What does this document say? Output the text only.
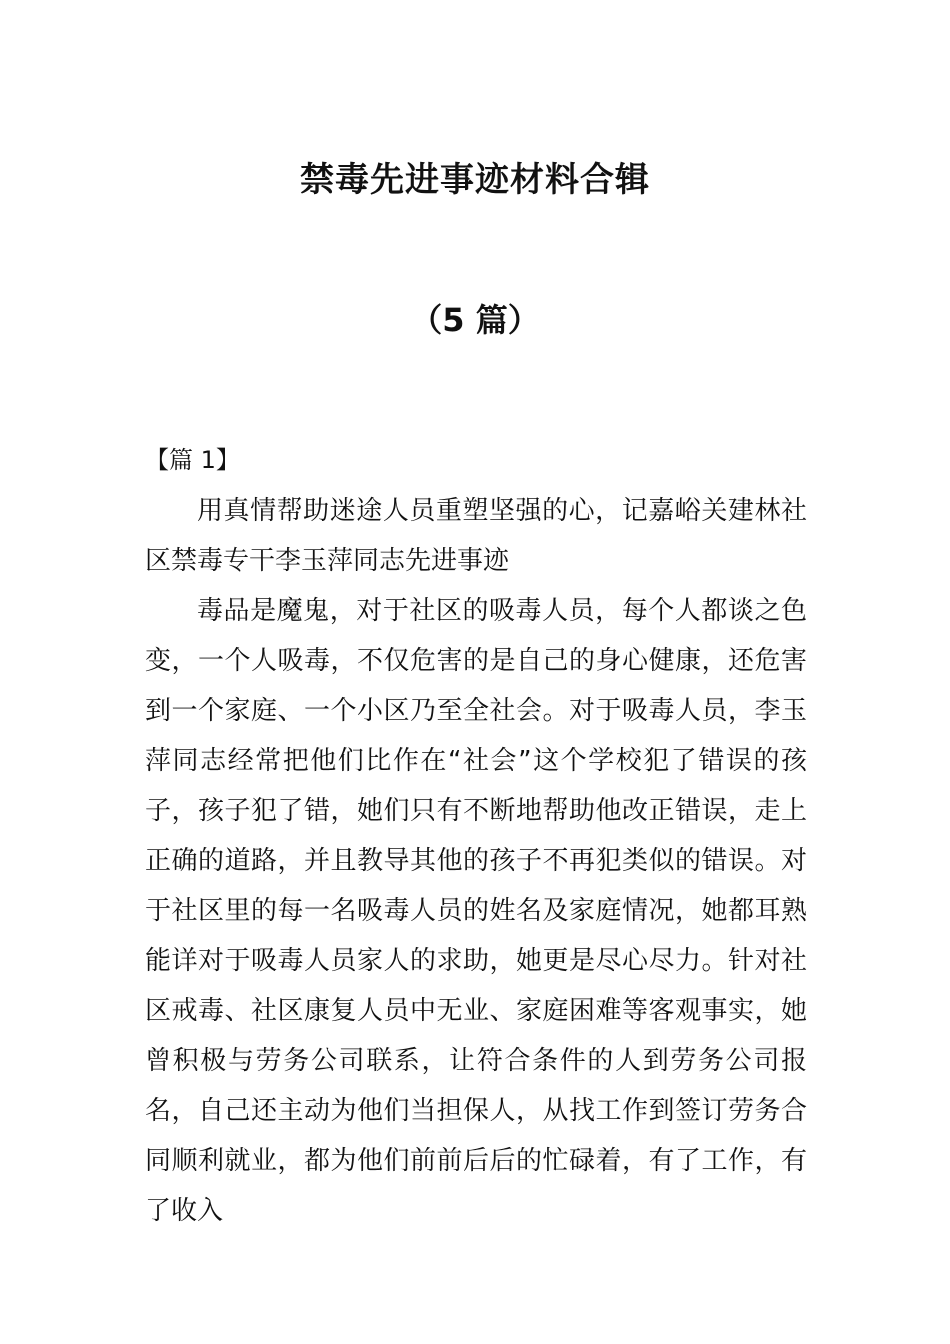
禁毒先进事迹材料合辑
（5 篇）
【篇 1】

用真情帮助迷途人员重塑坚强的心，记嘉峪关建林社区禁毒专干李玉萍同志先进事迹

毒品是魔鬼，对于社区的吸毒人员，每个人都谈之色变，一个人吸毒，不仅危害的是自己的身心健康，还危害到一个家庭、一个小区乃至全社会。对于吸毒人员，李玉萍同志经常把他们比作在“社会”这个学校犯了错误的孩子，孩子犯了错，她们只有不断地帮助他改正错误，走上正确的道路，并且教导其他的孩子不再犯类似的错误。对于社区里的每一名吸毒人员的姓名及家庭情况，她都耳熟能详对于吸毒人员家人的求助，她更是尽心尽力。针对社区戒毒、社区康复人员中无业、家庭困难等客观事实，她曾积极与劳务公司联系，让符合条件的人到劳务公司报名，自己还主动为他们当担保人，从找工作到签订劳务合同顺利就业，都为他们前前后后的忙碌着，有了工作，有了收入
